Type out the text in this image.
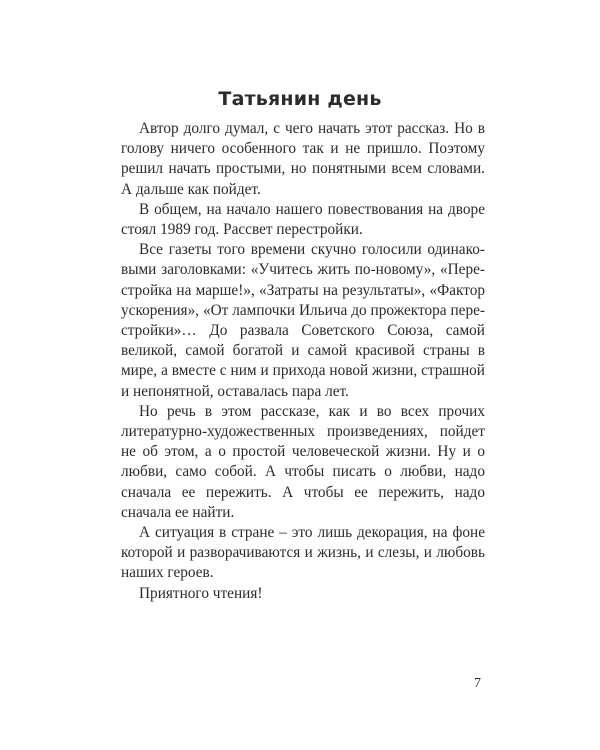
Татьянин день

Автор долго думал, с чего начать этот рассказ. Но в голову ничего особенного так и не пришло. Поэтому решил начать простыми, но понятными всем словами. А дальше как пойдет.

В общем, на начало нашего повествования на дворе стоял 1989 год. Рассвет перестройки.

Все газеты того времени скучно голосили одинаковыми заголовками: «Учитесь жить по-новому», «Перестройка на марше!», «Затраты на результаты», «Фактор ускорения», «От лампочки Ильича до прожектора перестройки»… До развала Советского Союза, самой великой, самой богатой и самой красивой страны в мире, а вместе с ним и прихода новой жизни, страшной и непонятной, оставалась пара лет.

Но речь в этом рассказе, как и во всех прочих литературно-художественных произведениях, пойдет не об этом, а о простой человеческой жизни. Ну и о любви, само собой. А чтобы писать о любви, надо сначала ее пережить. А чтобы ее пережить, надо сначала ее найти.

А ситуация в стране – это лишь декорация, на фоне которой и разворачиваются и жизнь, и слезы, и любовь наших героев.

Приятного чтения!

7
